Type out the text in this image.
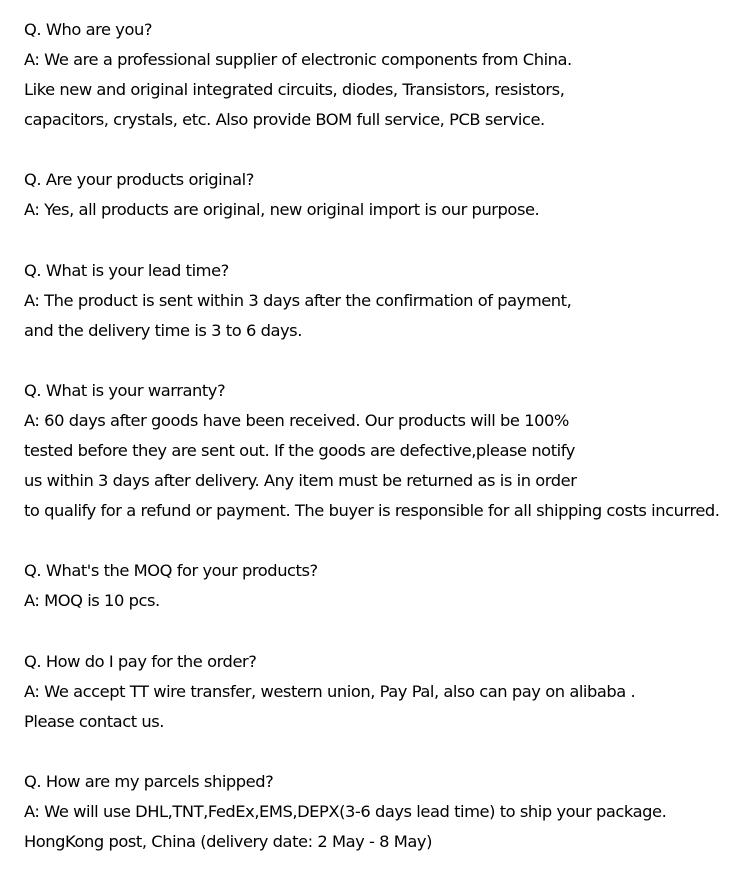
Q. Who are you?
A: We are a professional supplier of electronic components from China.
Like new and original integrated circuits, diodes, Transistors, resistors,
capacitors, crystals, etc. Also provide BOM full service, PCB service.
Q. Are your products original?
A: Yes, all products are original, new original import is our purpose.
Q. What is your lead time?
A: The product is sent within 3 days after the confirmation of payment,
and the delivery time is 3 to 6 days.
Q. What is your warranty?
A: 60 days after goods have been received. Our products will be 100%
tested before they are sent out. If the goods are defective,please notify
us within 3 days after delivery. Any item must be returned as is in order
to qualify for a refund or payment. The buyer is responsible for all shipping costs incurred.
Q. What's the MOQ for your products?
A: MOQ is 10 pcs.
Q. How do I pay for the order?
A: We accept TT wire transfer, western union, Pay Pal, also can pay on alibaba .
Please contact us.
Q. How are my parcels shipped?
A: We will use DHL,TNT,FedEx,EMS,DEPX(3-6 days lead time) to ship your package.
HongKong post, China (delivery date: 2 May - 8 May)
